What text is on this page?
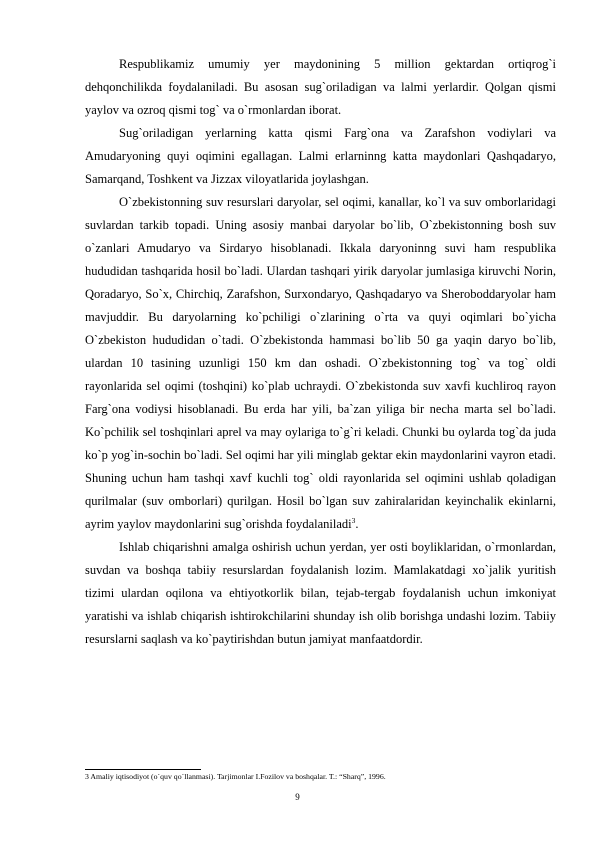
Respublikamiz umumiy yer maydonining 5 million gektardan ortiqrog`i dehqonchilikda foydalaniladi. Bu asosan sug`oriladigan va lalmi yerlardir. Qolgan qismi yaylov va ozroq qismi tog` va o`rmonlardan iborat.

Sug`oriladigan yerlarning katta qismi Farg`ona va Zarafshon vodiylari va Amudaryoning quyi oqimini egallagan. Lalmi erlarninng katta maydonlari Qashqadaryo, Samarqand, Toshkent va Jizzax viloyatlarida joylashgan.

O`zbekistonning suv resurslari daryolar, sel oqimi, kanallar, ko`l va suv omborlaridagi suvlardan tarkib topadi. Uning asosiy manbai daryolar bo`lib, O`zbekistonning bosh suv o`zanlari Amudaryo va Sirdaryo hisoblanadi. Ikkala daryoninng suvi ham respublika hududidan tashqarida hosil bo`ladi. Ulardan tashqari yirik daryolar jumlasiga kiruvchi Norin, Qoradaryo, So`x, Chirchiq, Zarafshon, Surxondaryo, Qashqadaryo va Sheroboddaryolar ham mavjuddir. Bu daryolarning ko`pchiligi o`zlarining o`rta va quyi oqimlari bo`yicha O`zbekiston hududidan o`tadi. O`zbekistonda hammasi bo`lib 50 ga yaqin daryo bo`lib, ulardan 10 tasining uzunligi 150 km dan oshadi. O`zbekistonning tog` va tog` oldi rayonlarida sel oqimi (toshqini) ko`plab uchraydi. O`zbekistonda suv xavfi kuchliroq rayon Farg`ona vodiysi hisoblanadi. Bu erda har yili, ba`zan yiliga bir necha marta sel bo`ladi. Ko`pchilik sel toshqinlari aprel va may oylariga to`g`ri keladi. Chunki bu oylarda tog`da juda ko`p yog`in-sochin bo`ladi. Sel oqimi har yili minglab gektar ekin maydonlarini vayron etadi. Shuning uchun ham tashqi xavf kuchli tog` oldi rayonlarida sel oqimini ushlab qoladigan qurilmalar (suv omborlari) qurilgan. Hosil bo`lgan suv zahiralaridan keyinchalik ekinlarni, ayrim yaylov maydonlarini sug`orishda foydalaniladi$^3$.

Ishlab chiqarishni amalga oshirish uchun yerdan, yer osti boyliklaridan, o`rmonlardan, suvdan va boshqa tabiiy resurslardan foydalanish lozim. Mamlakatdagi xo`jalik yuritish tizimi ulardan oqilona va ehtiyotkorlik bilan, tejab-tergab foydalanish uchun imkoniyat yaratishi va ishlab chiqarish ishtirokchilarini shunday ish olib borishga undashi lozim. Tabiiy resurslarni saqlash va ko`paytirishdan butun jamiyat manfaatdordir.

3 Amaliy iqtisodiyot (o`quv qo`llanmasi). Tarjimonlar I.Fozilov va boshqalar. T.: “Sharq”, 1996.

9
